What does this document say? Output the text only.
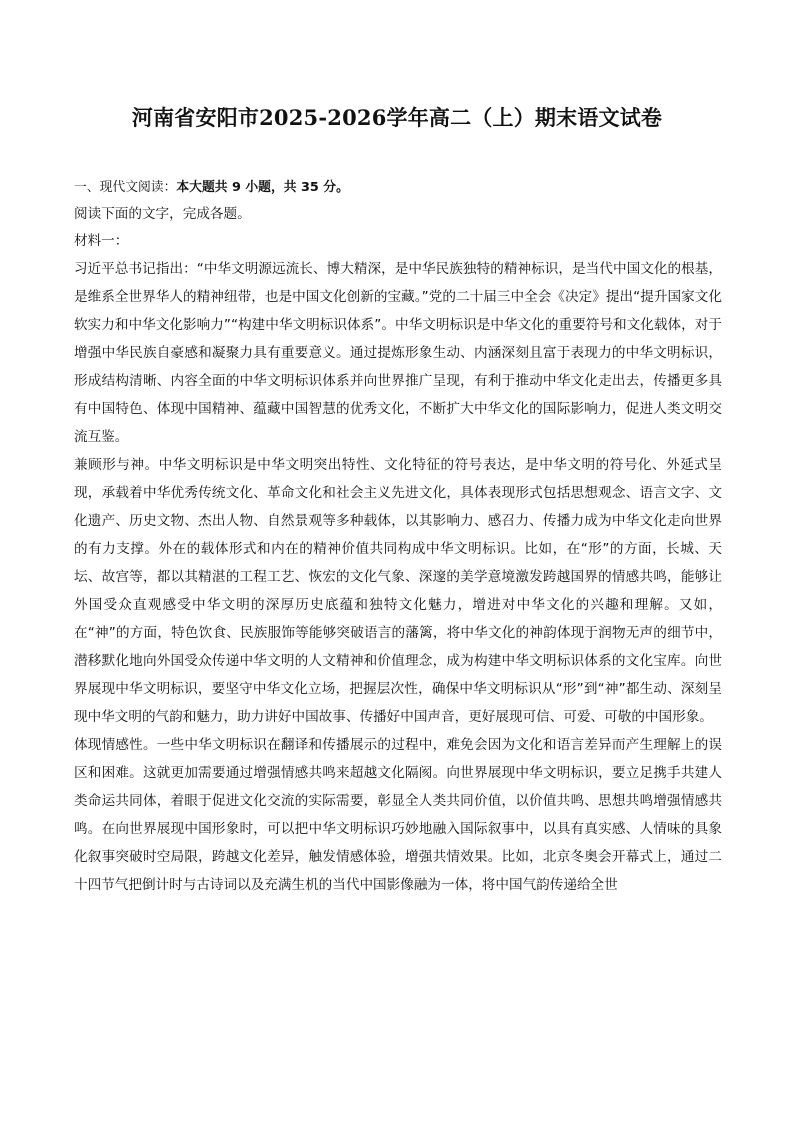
河南省安阳市2025-2026学年高二（上）期末语文试卷

一、现代文阅读：本大题共 9 小题，共 35 分。

阅读下面的文字，完成各题。

材料一：

习近平总书记指出：“中华文明源远流长、博大精深，是中华民族独特的精神标识，是当代中国文化的根基，是维系全世界华人的精神纽带，也是中国文化创新的宝藏。”党的二十届三中全会《决定》提出“提升国家文化软实力和中华文化影响力”“构建中华文明标识体系”。中华文明标识是中华文化的重要符号和文化载体，对于增强中华民族自豪感和凝聚力具有重要意义。通过提炼形象生动、内涵深刻且富于表现力的中华文明标识，形成结构清晰、内容全面的中华文明标识体系并向世界推广呈现，有利于推动中华文化走出去，传播更多具有中国特色、体现中国精神、蕴藏中国智慧的优秀文化，不断扩大中华文化的国际影响力，促进人类文明交流互鉴。

兼顾形与神。中华文明标识是中华文明突出特性、文化特征的符号表达，是中华文明的符号化、外延式呈现，承载着中华优秀传统文化、革命文化和社会主义先进文化，具体表现形式包括思想观念、语言文字、文化遗产、历史文物、杰出人物、自然景观等多种载体，以其影响力、感召力、传播力成为中华文化走向世界的有力支撑。外在的载体形式和内在的精神价值共同构成中华文明标识。比如，在“形”的方面，长城、天坛、故宫等，都以其精湛的工程工艺、恢宏的文化气象、深邃的美学意境激发跨越国界的情感共鸣，能够让外国受众直观感受中华文明的深厚历史底蕴和独特文化魅力，增进对中华文化的兴趣和理解。又如，在“神”的方面，特色饮食、民族服饰等能够突破语言的藩篱，将中华文化的神韵体现于润物无声的细节中，潜移默化地向外国受众传递中华文明的人文精神和价值理念，成为构建中华文明标识体系的文化宝库。向世界展现中华文明标识，要坚守中华文化立场，把握层次性，确保中华文明标识从“形”到“神”都生动、深刻呈现中华文明的气韵和魅力，助力讲好中国故事、传播好中国声音，更好展现可信、可爱、可敬的中国形象。

体现情感性。一些中华文明标识在翻译和传播展示的过程中，难免会因为文化和语言差异而产生理解上的误区和困难。这就更加需要通过增强情感共鸣来超越文化隔阂。向世界展现中华文明标识，要立足携手共建人类命运共同体，着眼于促进文化交流的实际需要，彰显全人类共同价值，以价值共鸣、思想共鸣增强情感共鸣。在向世界展现中国形象时，可以把中华文明标识巧妙地融入国际叙事中，以具有真实感、人情味的具象化叙事突破时空局限，跨越文化差异，触发情感体验，增强共情效果。比如，北京冬奥会开幕式上，通过二十四节气把倒计时与古诗词以及充满生机的当代中国影像融为一体，将中国气韵传递给全世
